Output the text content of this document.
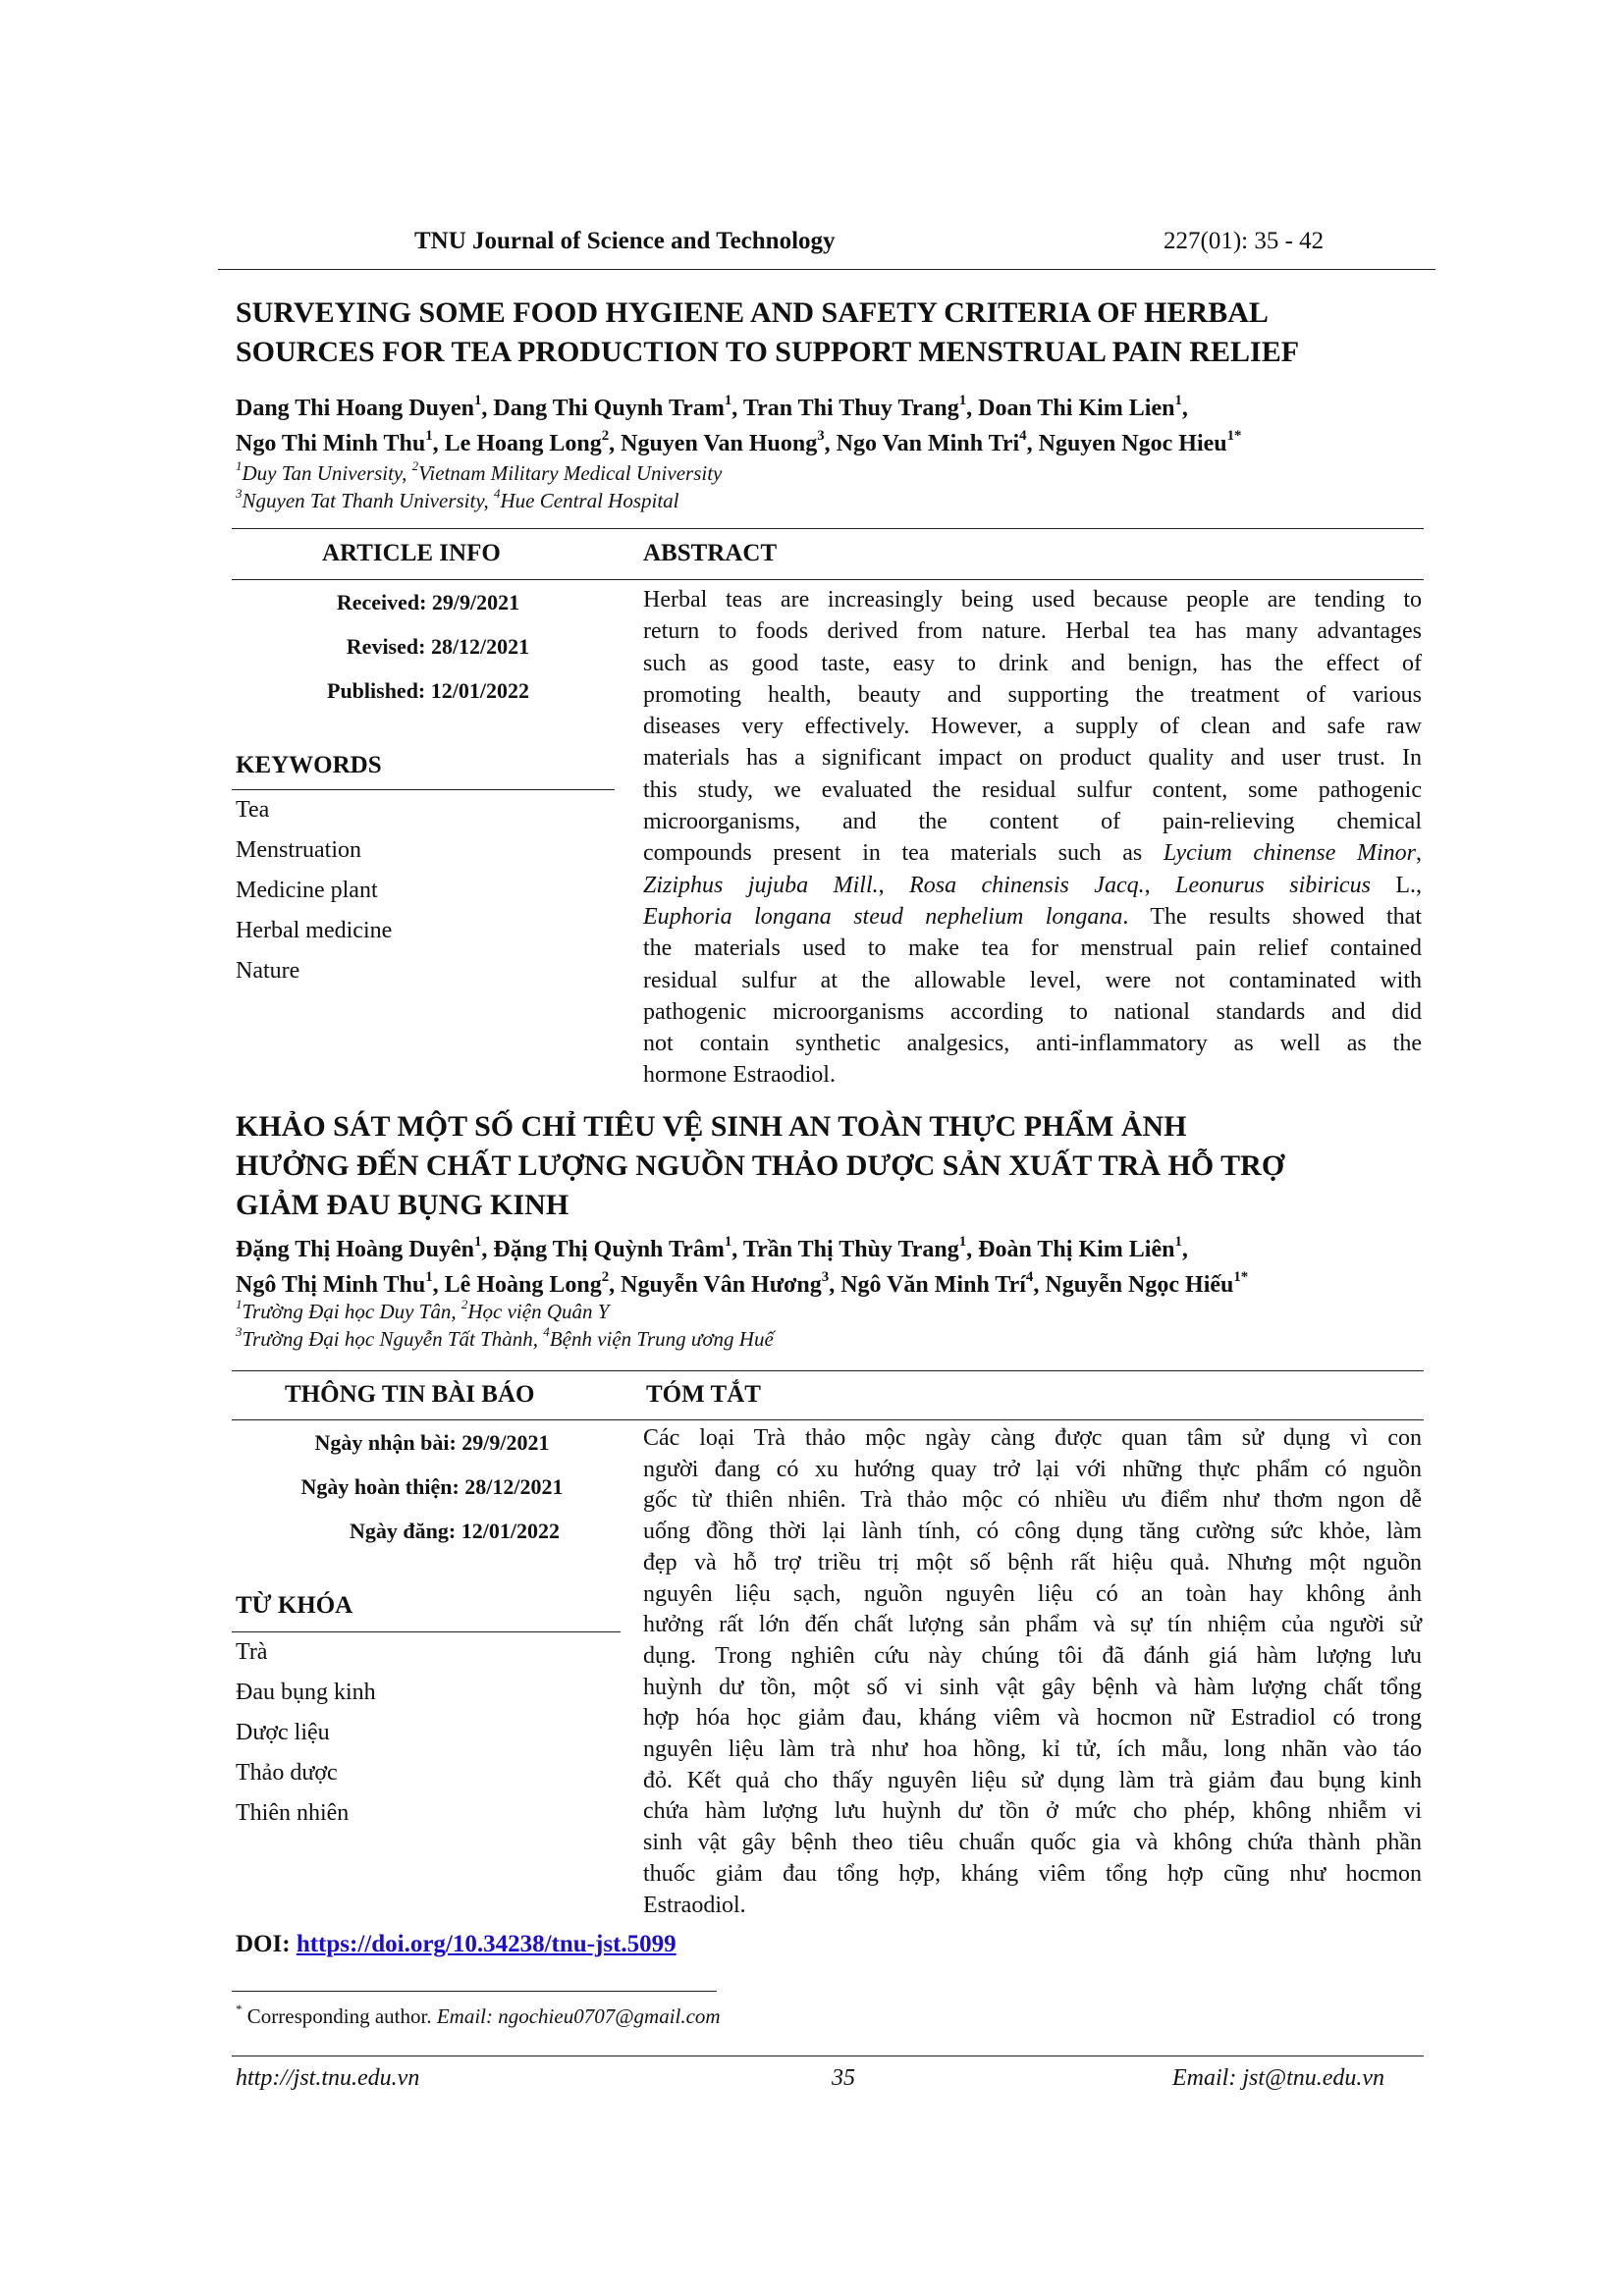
TNU Journal of Science and Technology	227(01): 35 - 42
SURVEYING SOME FOOD HYGIENE AND SAFETY CRITERIA OF HERBAL
SOURCES FOR TEA PRODUCTION TO SUPPORT MENSTRUAL PAIN RELIEF
Dang Thi Hoang Duyen$^1$, Dang Thi Quynh Tram$^1$, Tran Thi Thuy Trang$^1$, Doan Thi Kim Lien$^1$,
Ngo Thi Minh Thu$^1$, Le Hoang Long$^2$, Nguyen Van Huong$^3$, Ngo Van Minh Tri$^4$, Nguyen Ngoc Hieu$^{1*}$
$^1$Duy Tan University, $^2$Vietnam Military Medical University
$^3$Nguyen Tat Thanh University, $^4$Hue Central Hospital
ARTICLE INFO	ABSTRACT
Received: 29/9/2021
Revised: 28/12/2021
Published: 12/01/2022
KEYWORDS
Tea
Menstruation
Medicine plant
Herbal medicine
Nature
Herbal teas are increasingly being used because people are tending to
return to foods derived from nature. Herbal tea has many advantages
such as good taste, easy to drink and benign, has the effect of
promoting health, beauty and supporting the treatment of various
diseases very effectively. However, a supply of clean and safe raw
materials has a significant impact on product quality and user trust. In
this study, we evaluated the residual sulfur content, some pathogenic
microorganisms, and the content of pain-relieving chemical
compounds present in tea materials such as Lycium chinense Minor,
Ziziphus jujuba Mill., Rosa chinensis Jacq., Leonurus sibiricus L.,
Euphoria longana steud nephelium longana. The results showed that
the materials used to make tea for menstrual pain relief contained
residual sulfur at the allowable level, were not contaminated with
pathogenic microorganisms according to national standards and did
not contain synthetic analgesics, anti-inflammatory as well as the
hormone Estraodiol.
KHẢO SÁT MỘT SỐ CHỈ TIÊU VỆ SINH AN TOÀN THỰC PHẨM ẢNH
HƯỞNG ĐẾN CHẤT LƯỢNG NGUỒN THẢO DƯỢC SẢN XUẤT TRÀ HỖ TRỢ
GIẢM ĐAU BỤNG KINH
Đặng Thị Hoàng Duyên$^1$, Đặng Thị Quỳnh Trâm$^1$, Trần Thị Thùy Trang$^1$, Đoàn Thị Kim Liên$^1$,
Ngô Thị Minh Thu$^1$, Lê Hoàng Long$^2$, Nguyễn Vân Hương$^3$, Ngô Văn Minh Trí$^4$, Nguyễn Ngọc Hiếu$^{1*}$
$^1$Trường Đại học Duy Tân, $^2$Học viện Quân Y
$^3$Trường Đại học Nguyễn Tất Thành, $^4$Bệnh viện Trung ương Huế
THÔNG TIN BÀI BÁO	TÓM TẮT
Ngày nhận bài: 29/9/2021
Ngày hoàn thiện: 28/12/2021
Ngày đăng: 12/01/2022
TỪ KHÓA
Trà
Đau bụng kinh
Dược liệu
Thảo dược
Thiên nhiên
Các loại Trà thảo mộc ngày càng được quan tâm sử dụng vì con
người đang có xu hướng quay trở lại với những thực phẩm có nguồn
gốc từ thiên nhiên. Trà thảo mộc có nhiều ưu điểm như thơm ngon dễ
uống đồng thời lại lành tính, có công dụng tăng cường sức khỏe, làm
đẹp và hỗ trợ triều trị một số bệnh rất hiệu quả. Nhưng một nguồn
nguyên liệu sạch, nguồn nguyên liệu có an toàn hay không ảnh
hưởng rất lớn đến chất lượng sản phẩm và sự tín nhiệm của người sử
dụng. Trong nghiên cứu này chúng tôi đã đánh giá hàm lượng lưu
huỳnh dư tồn, một số vi sinh vật gây bệnh và hàm lượng chất tổng
hợp hóa học giảm đau, kháng viêm và hocmon nữ Estradiol có trong
nguyên liệu làm trà như hoa hồng, kỉ tử, ích mẫu, long nhãn vào táo
đỏ. Kết quả cho thấy nguyên liệu sử dụng làm trà giảm đau bụng kinh
chứa hàm lượng lưu huỳnh dư tồn ở mức cho phép, không nhiễm vi
sinh vật gây bệnh theo tiêu chuẩn quốc gia và không chứa thành phần
thuốc giảm đau tổng hợp, kháng viêm tổng hợp cũng như hocmon
Estraodiol.
DOI: https://doi.org/10.34238/tnu-jst.5099
* Corresponding author. Email: ngochieu0707@gmail.com
http://jst.tnu.edu.vn	35	Email: jst@tnu.edu.vn
